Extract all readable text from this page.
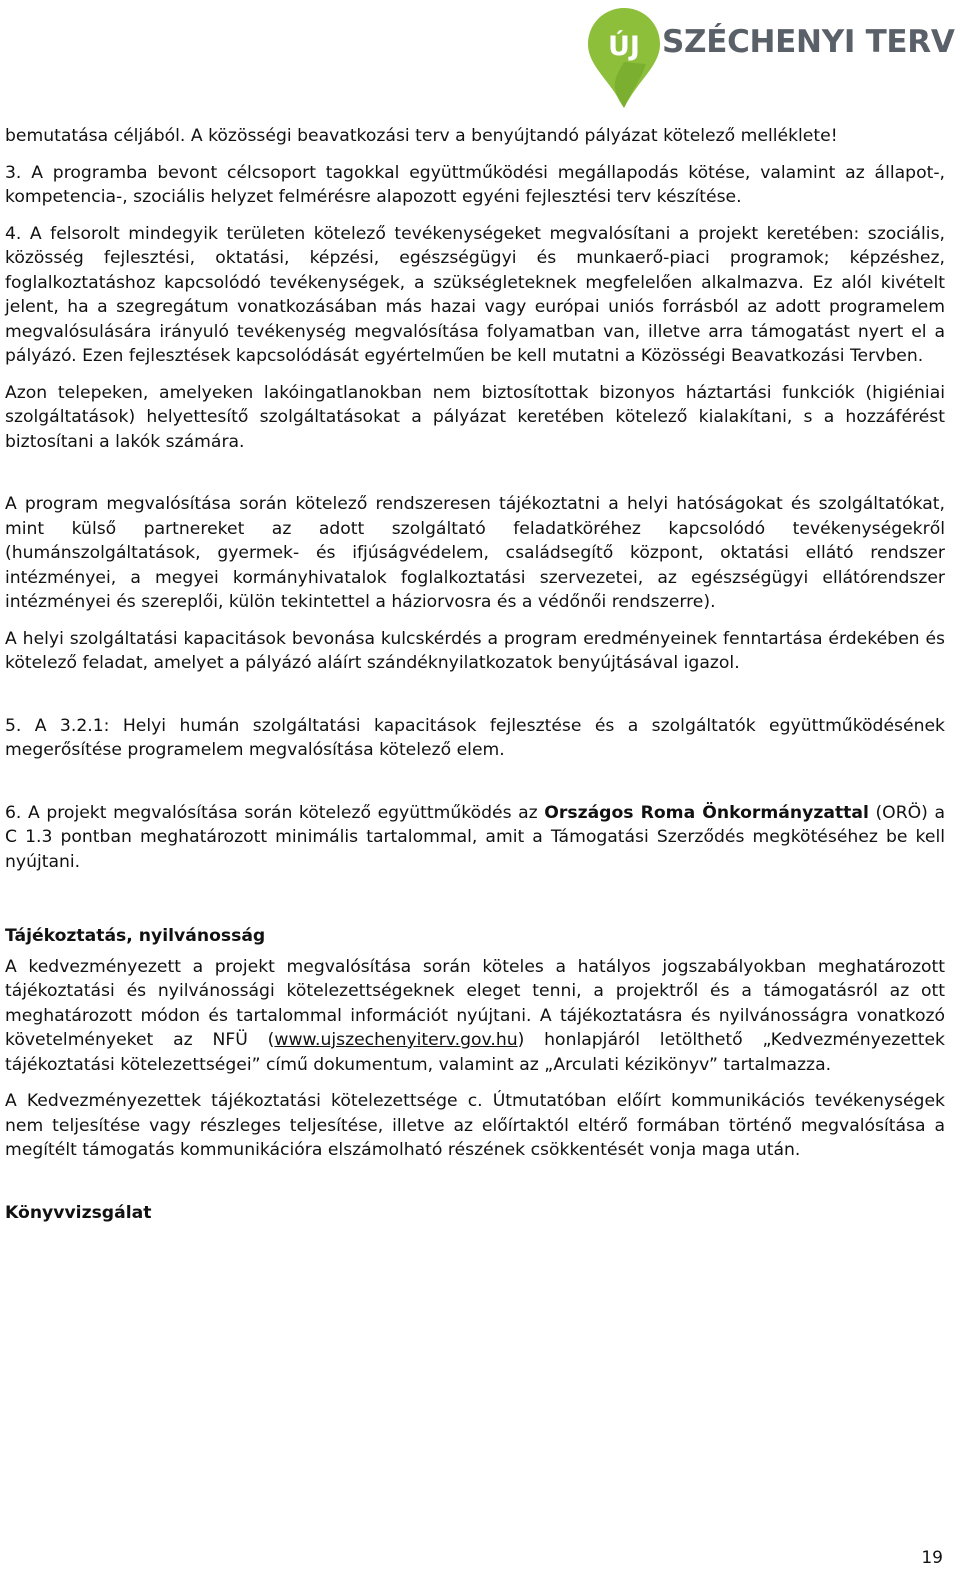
ÚJ SZÉCHENYI TERV

bemutatása céljából. A közösségi beavatkozási terv a benyújtandó pályázat kötelező melléklete!

3. A programba bevont célcsoport tagokkal együttműködési megállapodás kötése, valamint az állapot-, kompetencia-, szociális helyzet felmérésre alapozott egyéni fejlesztési terv készítése.

4. A felsorolt mindegyik területen kötelező tevékenységeket megvalósítani a projekt keretében: szociális, közösség fejlesztési, oktatási, képzési, egészségügyi és munkaerő-piaci programok; képzéshez, foglalkoztatáshoz kapcsolódó tevékenységek, a szükségleteknek megfelelően alkalmazva. Ez alól kivételt jelent, ha a szegregátum vonatkozásában más hazai vagy európai uniós forrásból az adott programelem megvalósulására irányuló tevékenység megvalósítása folyamatban van, illetve arra támogatást nyert el a pályázó. Ezen fejlesztések kapcsolódását egyértelműen be kell mutatni a Közösségi Beavatkozási Tervben.

Azon telepeken, amelyeken lakóingatlanokban nem biztosítottak bizonyos háztartási funkciók (higiéniai szolgáltatások) helyettesítő szolgáltatásokat a pályázat keretében kötelező kialakítani, s a hozzáférést biztosítani a lakók számára.

A program megvalósítása során kötelező rendszeresen tájékoztatni a helyi hatóságokat és szolgáltatókat, mint külső partnereket az adott szolgáltató feladatköréhez kapcsolódó tevékenységekről (humánszolgáltatások, gyermek- és ifjúságvédelem, családsegítő központ, oktatási ellátó rendszer intézményei, a megyei kormányhivatalok foglalkoztatási szervezetei, az egészségügyi ellátórendszer intézményei és szereplői, külön tekintettel a háziorvosra és a védőnői rendszerre).

A helyi szolgáltatási kapacitások bevonása kulcskérdés a program eredményeinek fenntartása érdekében és kötelező feladat, amelyet a pályázó aláírt szándéknyilatkozatok benyújtásával igazol.

5. A 3.2.1: Helyi humán szolgáltatási kapacitások fejlesztése és a szolgáltatók együttműködésének megerősítése programelem megvalósítása kötelező elem.

6. A projekt megvalósítása során kötelező együttműködés az Országos Roma Önkormányzattal (ORÖ) a C 1.3 pontban meghatározott minimális tartalommal, amit a Támogatási Szerződés megkötéséhez be kell nyújtani.

Tájékoztatás, nyilvánosság

A kedvezményezett a projekt megvalósítása során köteles a hatályos jogszabályokban meghatározott tájékoztatási és nyilvánossági kötelezettségeknek eleget tenni, a projektről és a támogatásról az ott meghatározott módon és tartalommal információt nyújtani. A tájékoztatásra és nyilvánosságra vonatkozó követelményeket az NFÜ (www.ujszechenyiterv.gov.hu) honlapjáról letölthető „Kedvezményezettek tájékoztatási kötelezettségei” című dokumentum, valamint az „Arculati kézikönyv” tartalmazza.

A Kedvezményezettek tájékoztatási kötelezettsége c. Útmutatóban előírt kommunikációs tevékenységek nem teljesítése vagy részleges teljesítése, illetve az előírtaktól eltérő formában történő megvalósítása a megítélt támogatás kommunikációra elszámolható részének csökkentését vonja maga után.

Könyvvizsgálat

19
